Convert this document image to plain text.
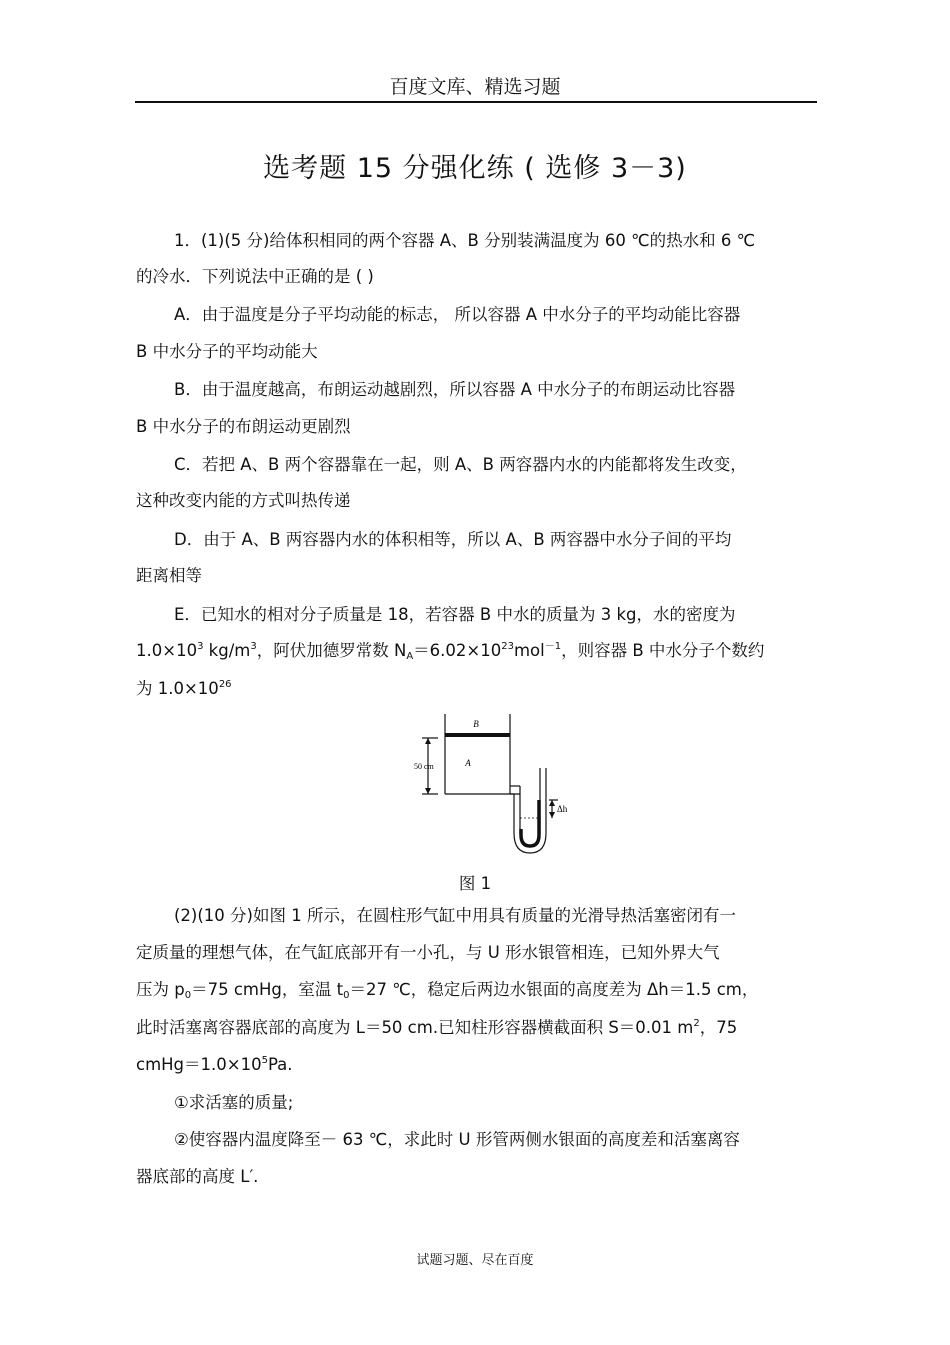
百度文库、精选习题
选考题 15 分强化练 ( 选修 3－3)
1．(1)(5 分)给体积相同的两个容器 A、B 分别装满温度为 60 ℃的热水和 6 ℃
的冷水．下列说法中正确的是 ( )
A．由于温度是分子平均动能的标志， 所以容器 A 中水分子的平均动能比容器
B 中水分子的平均动能大
B．由于温度越高，布朗运动越剧烈，所以容器 A 中水分子的布朗运动比容器
B 中水分子的布朗运动更剧烈
C．若把 A、B 两个容器靠在一起，则 A、B 两容器内水的内能都将发生改变，
这种改变内能的方式叫热传递
D．由于 A、B 两容器内水的体积相等，所以 A、B 两容器中水分子间的平均
距离相等
E．已知水的相对分子质量是 18，若容器 B 中水的质量为 3 kg，水的密度为
$1.0\times 10^3$ $kg/m^3$，阿伏加德罗常数 $N_A=6.02\times 10^{23}mol^{-1}$，则容器 B 中水分子个数约
为 $1.0\times 10^{26}$
B
A
50 cm
Δh
图 1
(2)(10 分)如图 1 所示，在圆柱形气缸中用具有质量的光滑导热活塞密闭有一
定质量的理想气体，在气缸底部开有一小孔，与 U 形水银管相连，已知外界大气
压为 $p_0=75$ cmHg，室温 $t_0=27$ ℃，稳定后两边水银面的高度差为 Δh＝1.5 cm，
此时活塞离容器底部的高度为 L＝50 cm.已知柱形容器横截面积 S＝0.01 $m^2$，75
$cmHg=1.0\times 10^5Pa$.
①求活塞的质量;
②使容器内温度降至－ 63 ℃，求此时 U 形管两侧水银面的高度差和活塞离容
器底部的高度 L′.
试题习题、尽在百度
